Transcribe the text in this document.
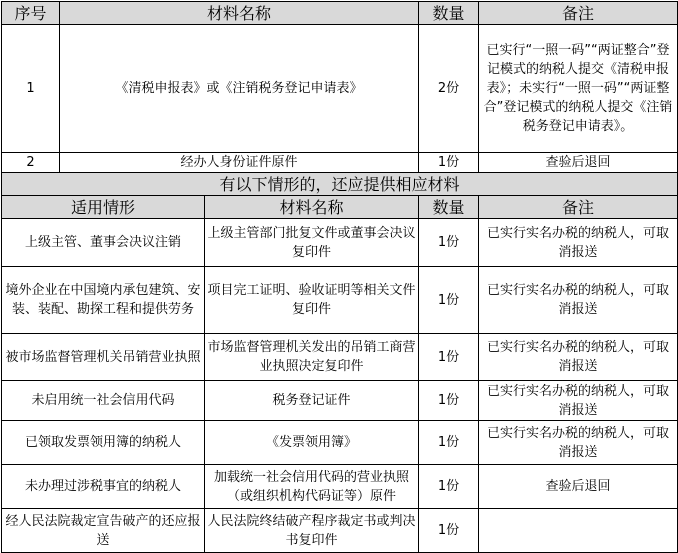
序号	材料名称		数量	备注
1	《清税申报表》或《注销税务登记申请表》		2份	已实行“一照一码”“两证整合”登记模式的纳税人提交《清税申报表》；未实行“一照一码”“两证整合”登记模式的纳税人提交《注销税务登记申请表》。
2	经办人身份证件原件		1份	查验后退回
有以下情形的，还应提供相应材料				
适用情形		材料名称	数量	备注
上级主管、董事会决议注销		上级主管部门批复文件或董事会决议复印件	1份	已实行实名办税的纳税人，可取消报送
境外企业在中国境内承包建筑、安装、装配、勘探工程和提供劳务		项目完工证明、验收证明等相关文件复印件	1份	已实行实名办税的纳税人，可取消报送
被市场监督管理机关吊销营业执照		市场监督管理机关发出的吊销工商营业执照决定复印件	1份	已实行实名办税的纳税人，可取消报送
未启用统一社会信用代码		税务登记证件	1份	已实行实名办税的纳税人，可取消报送
已领取发票领用簿的纳税人		《发票领用簿》	1份	已实行实名办税的纳税人，可取消报送
未办理过涉税事宜的纳税人		加载统一社会信用代码的营业执照（或组织机构代码证等）原件	1份	查验后退回
经人民法院裁定宣告破产的还应报送		人民法院终结破产程序裁定书或判决书复印件	1份	
